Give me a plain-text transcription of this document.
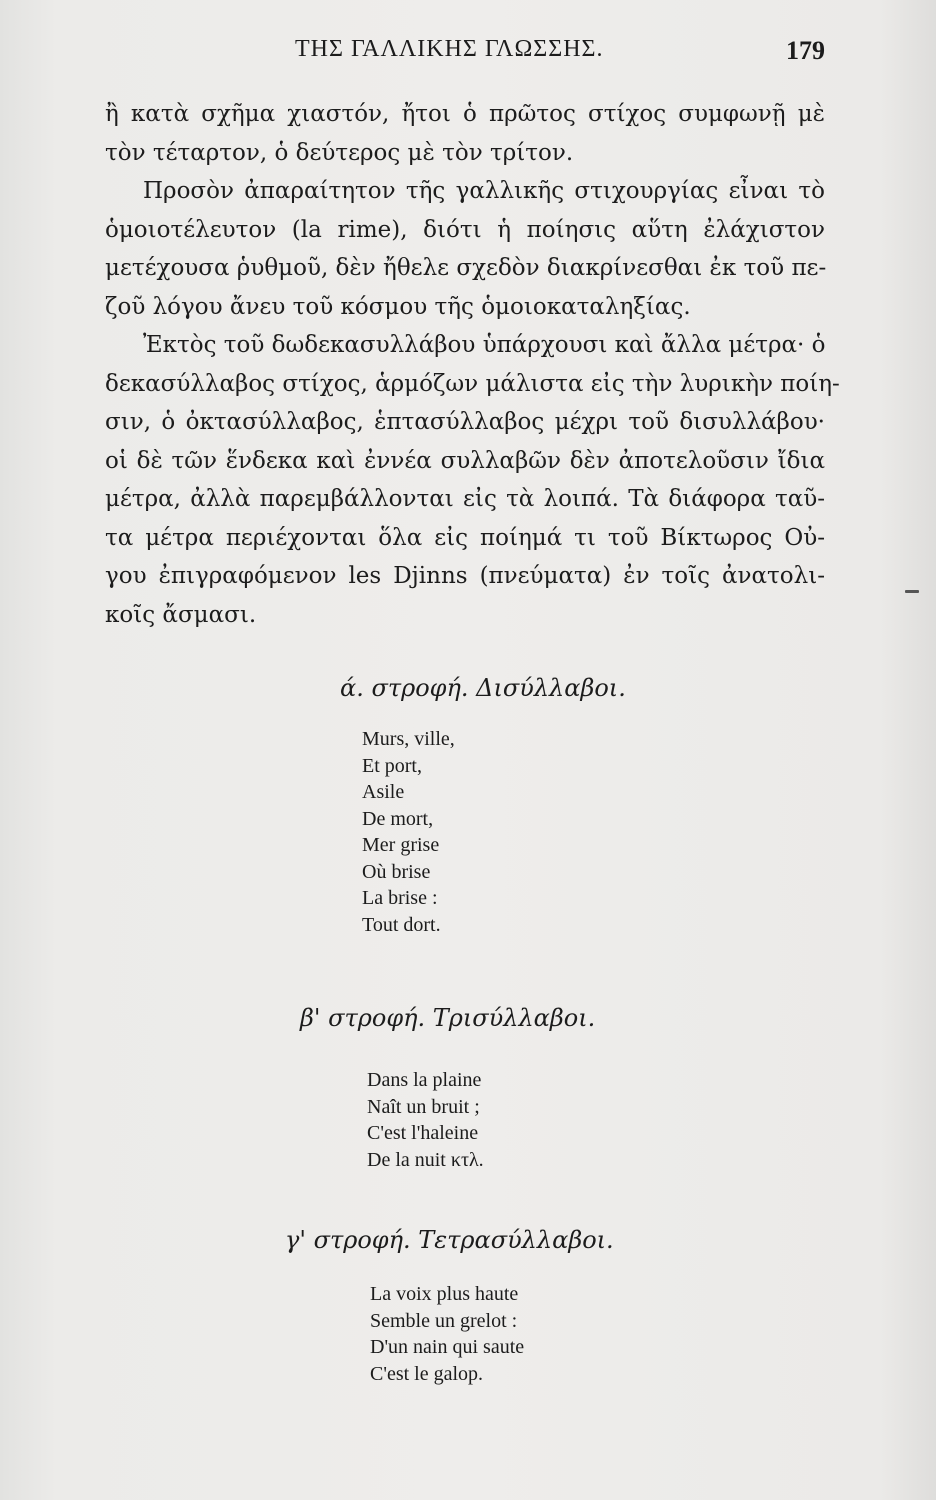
ΤΗΣ ΓΑΛΛΙΚΗΣ ΓΛΩΣΣΗΣ.	179
ἢ κατὰ σχῆμα χιαστόν, ἤτοι ὁ πρῶτος στίχος συμφωνῇ μὲ
τὸν τέταρτον, ὁ δεύτερος μὲ τὸν τρίτον.
Προσὸν ἀπαραίτητον τῆς γαλλικῆς στιχουργίας εἶναι τὸ
ὁμοιοτέλευτον (la rime), διότι ἡ ποίησις αὕτη ἐλάχιστον
μετέχουσα ῥυθμοῦ, δὲν ἤθελε σχεδὸν διακρίνεσθαι ἐκ τοῦ πε-
ζοῦ λόγου ἄνευ τοῦ κόσμου τῆς ὁμοιοκαταληξίας.
Ἐκτὸς τοῦ δωδεκασυλλάβου ὑπάρχουσι καὶ ἄλλα μέτρα· ὁ
δεκασύλλαβος στίχος, ἁρμόζων μάλιστα εἰς τὴν λυρικὴν ποίη-
σιν, ὁ ὀκτασύλλαβος, ἑπτασύλλαβος μέχρι τοῦ δισυλλάβου·
οἱ δὲ τῶν ἕνδεκα καὶ ἐννέα συλλαβῶν δὲν ἀποτελοῦσιν ἴδια
μέτρα, ἀλλὰ παρεμβάλλονται εἰς τὰ λοιπά. Τὰ διάφορα ταῦ-
τα μέτρα περιέχονται ὅλα εἰς ποίημά τι τοῦ Βίκτωρος Οὐ-
γου ἐπιγραφόμενον les Djinns (πνεύματα) ἐν τοῖς ἀνατολι-
κοῖς ἄσμασι.
ά. στροφή. Δισύλλαβοι.
Murs, ville,
Et port,
Asile
De mort,
Mer grise
Où brise
La brise :
Tout dort.
β' στροφή. Τρισύλλαβοι.
Dans la plaine
Naît un bruit ;
C'est l'haleine
De la nuit κτλ.
γ' στροφή. Τετρασύλλαβοι.
La voix plus haute
Semble un grelot :
D'un nain qui saute
C'est le galop.
